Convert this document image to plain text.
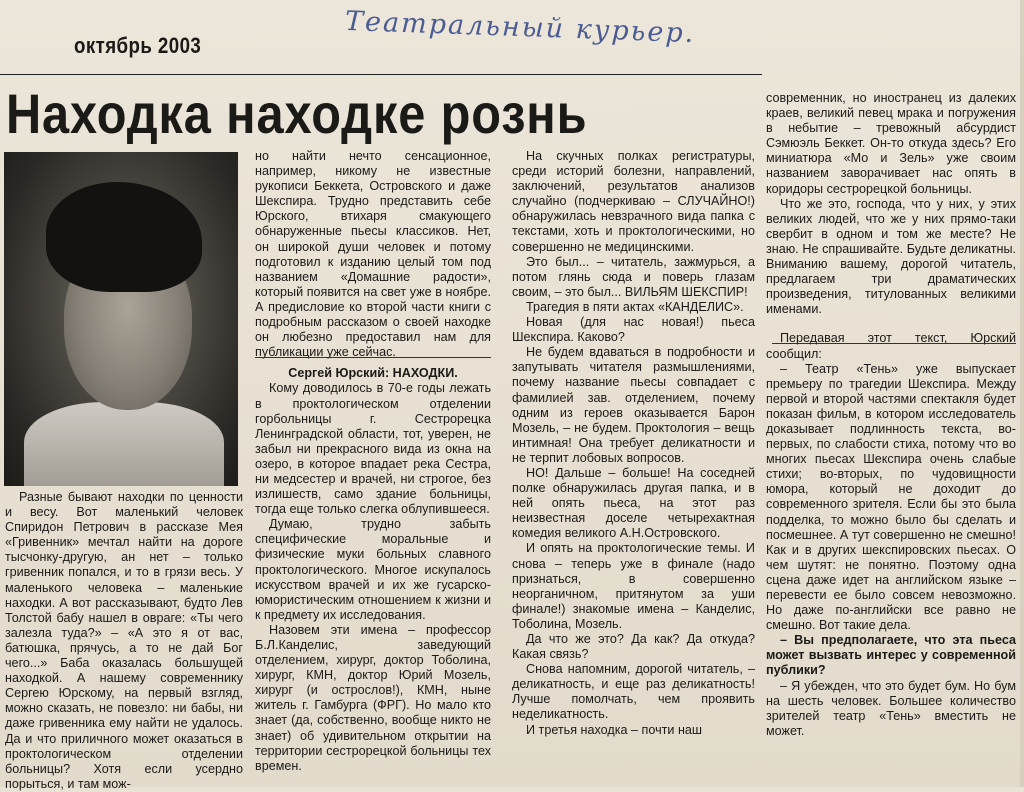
октябрь 2003	Театральный курьер.
Находка находке рознь

Разные бывают находки по ценности и весу. Вот маленький человек Спиридон Петрович в рассказе Мея «Гривенник» мечтал найти на дороге тысчонку-другую, ан нет – только гривенник попался, и то в грязи весь. У маленького человека – маленькие находки. А вот рассказывают, будто Лев Толстой бабу нашел в овраге: «Ты чего залезла туда?» – «А это я от вас, батюшка, прячусь, а то не дай Бог чего...» Баба оказалась большущей находкой. А нашему современнику Сергею Юрскому, на первый взгляд, можно сказать, не повезло: ни бабы, ни даже гривенника ему найти не удалось. Да и что приличного может оказаться в проктологическом отделении больницы? Хотя если усердно порыться, и там мож-

но найти нечто сенсационное, например, никому не известные рукописи Беккета, Островского и даже Шекспира. Трудно представить себе Юрского, втихаря смакующего обнаруженные пьесы классиков. Нет, он широкой души человек и потому подготовил к изданию целый том под названием «Домашние радости», который появится на свет уже в ноябре. А предисловие ко второй части книги с подробным рассказом о своей находке он любезно предоставил нам для публикации уже сейчас.

Сергей Юрский: НАХОДКИ.

Кому доводилось в 70-е годы лежать в проктологическом отделении горбольницы г. Сестрорецка Ленинградской области, тот, уверен, не забыл ни прекрасного вида из окна на озеро, в которое впадает река Сестра, ни медсестер и врачей, ни строгое, без излишеств, само здание больницы, тогда еще только слегка облупившееся.

Думаю, трудно забыть специфические моральные и физические муки больных славного проктологического. Многое искупалось искусством врачей и их же гусарско-юмористическим отношением к жизни и к предмету их исследования.

Назовем эти имена – профессор Б.Л.Канделис, заведующий отделением, хирург, доктор Тоболина, хирург, КМН, доктор Юрий Мозель, хирург (и острослов!), КМН, ныне житель г. Гамбурга (ФРГ). Но мало кто знает (да, собственно, вообще никто не знает) об удивительном открытии на территории сестрорецкой больницы тех времен.

На скучных полках регистратуры, среди историй болезни, направлений, заключений, результатов анализов случайно (подчеркиваю – СЛУЧАЙНО!) обнаружилась невзрачного вида папка с текстами, хоть и проктологическими, но совершенно не медицинскими.

Это был... – читатель, зажмурься, а потом глянь сюда и поверь глазам своим, – это был... ВИЛЬЯМ ШЕКСПИР!

Трагедия в пяти актах «КАНДЕЛИС».

Новая (для нас новая!) пьеса Шекспира. Каково?

Не будем вдаваться в подробности и запутывать читателя размышлениями, почему название пьесы совпадает с фамилией зав. отделением, почему одним из героев оказывается Барон Мозель, – не будем. Проктология – вещь интимная! Она требует деликатности и не терпит лобовых вопросов.

НО! Дальше – больше! На соседней полке обнаружилась другая папка, и в ней опять пьеса, на этот раз неизвестная доселе четырехактная комедия великого А.Н.Островского.

И опять на проктологические темы. И снова – теперь уже в финале (надо признаться, в совершенно неорганичном, притянутом за уши финале!) знакомые имена – Канделис, Тоболина, Мозель.

Да что же это? Да как? Да откуда? Какая связь?

Снова напомним, дорогой читатель, – деликатность, и еще раз деликатность! Лучше помолчать, чем проявить неделикатность.

И третья находка – почти наш

современник, но иностранец из далеких краев, великий певец мрака и погружения в небытие – тревожный абсурдист Сэмюэль Беккет. Он-то откуда здесь? Его миниатюра «Мо и Зель» уже своим названием заворачивает нас опять в коридоры сестрорецкой больницы.

Что же это, господа, что у них, у этих великих людей, что же у них прямо-таки свербит в одном и том же месте? Не знаю. Не спрашивайте. Будьте деликатны. Вниманию вашему, дорогой читатель, предлагаем три драматических произведения, титулованных великими именами.

Передавая этот текст, Юрский сообщил:

– Театр «Тень» уже выпускает премьеру по трагедии Шекспира. Между первой и второй частями спектакля будет показан фильм, в котором исследователь доказывает подлинность текста, во-первых, по слабости стиха, потому что во многих пьесах Шекспира очень слабые стихи; во-вторых, по чудовищности юмора, который не доходит до современного зрителя. Если бы это была подделка, то можно было бы сделать и посмешнее. А тут совершенно не смешно! Как и в других шекспировских пьесах. О чем шутят: не понятно. Поэтому одна сцена даже идет на английском языке – перевести ее было совсем невозможно. Но даже по-английски все равно не смешно. Вот такие дела.

– Вы предполагаете, что эта пьеса может вызвать интерес у современной публики?

– Я убежден, что это будет бум. Но бум на шесть человек. Большее количество зрителей театр «Тень» вместить не может.
